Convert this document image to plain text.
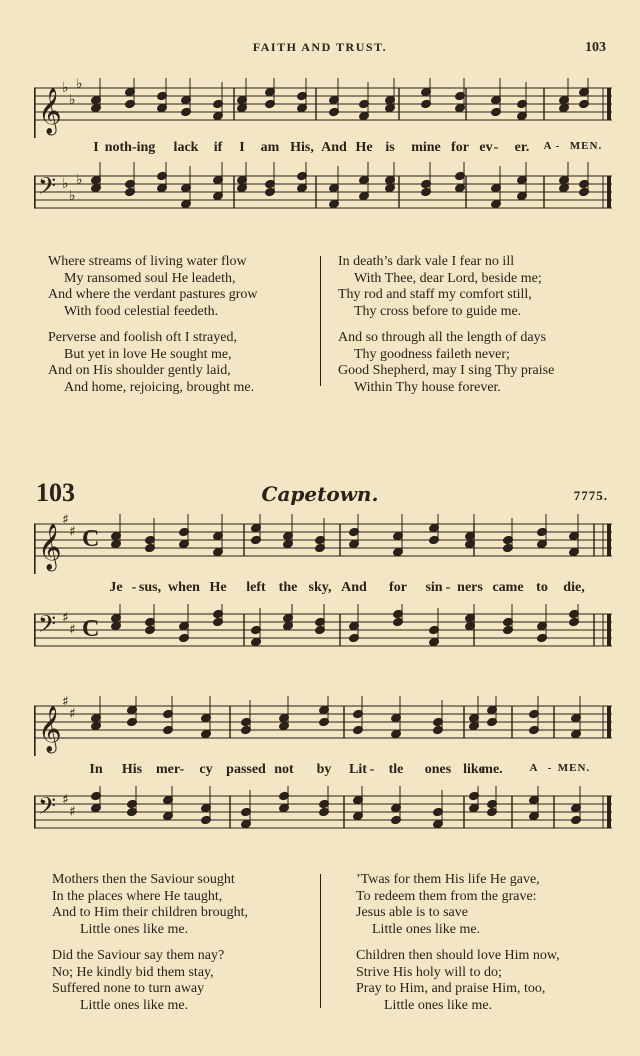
FAITH AND TRUST.	103
𝄞 ♭
♭
♭
I noth-ing lack if I am His, And He is mine for ev - er. A - MEN.
𝄢 ♭
♭
♭
Where streams of living water flow
My ransomed soul He leadeth,
And where the verdant pastures grow
With food celestial feedeth.
Perverse and foolish oft I strayed,
But yet in love He sought me,
And on His shoulder gently laid,
And home, rejoicing, brought me.
In death’s dark vale I fear no ill
With Thee, dear Lord, beside me;
Thy rod and staff my comfort still,
Thy cross before to guide me.
And so through all the length of days
Thy goodness faileth never;
Good Shepherd, may I sing Thy praise
Within Thy house forever.
103	Capetown.	7775.
𝄞
♯
♯ C
Je - sus, when He left the sky, And for sin - ners came to die,
𝄢 ♯
♯ C
𝄞
♯
♯
In His mer - cy passed not by Lit - tle ones like
me. A - MEN.
𝄢 ♯
♯
Mothers then the Saviour sought
In the places where He taught,
And to Him their children brought,
Little ones like me.
Did the Saviour say them nay?
No; He kindly bid them stay,
Suffered none to turn away
Little ones like me.
’Twas for them His life He gave,
To redeem them from the grave:
Jesus able is to save
Little ones like me.
Children then should love Him now,
Strive His holy will to do;
Pray to Him, and praise Him, too,
Little ones like me.
